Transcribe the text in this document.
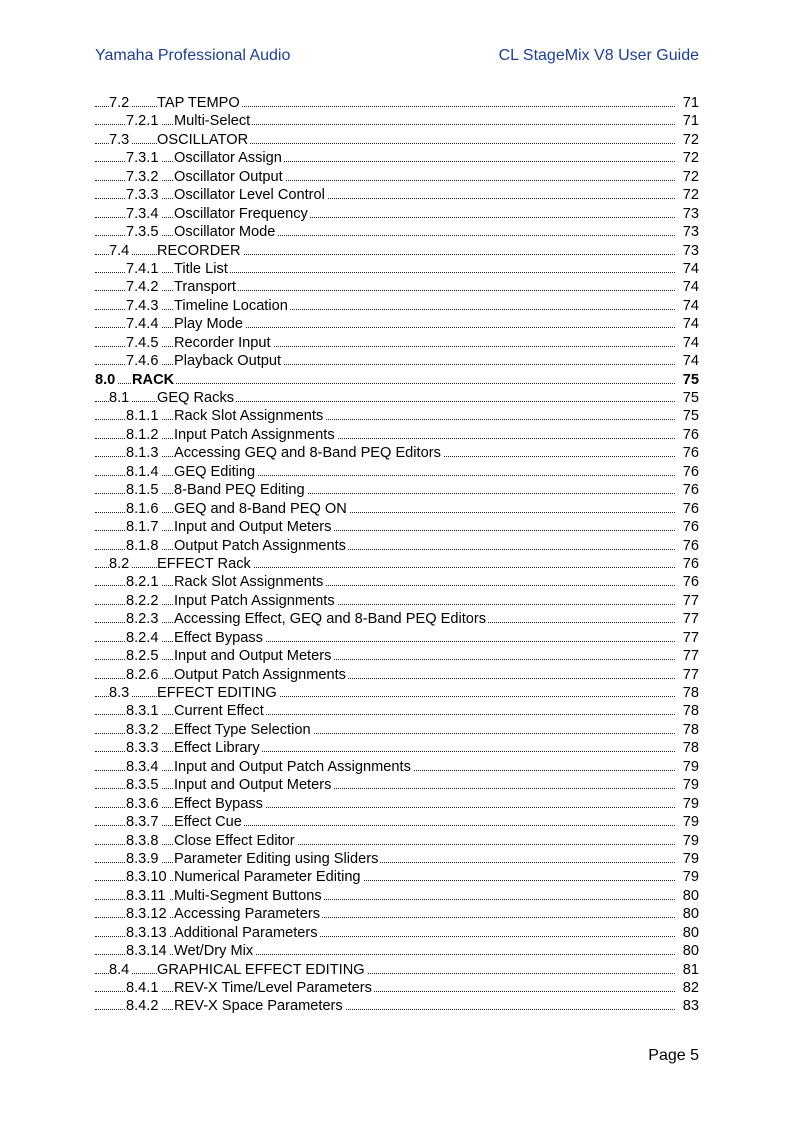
Yamaha Professional Audio	CL StageMix V8 User Guide
7.2 TAP TEMPO	71
7.2.1 Multi-Select	71
7.3 OSCILLATOR	72
7.3.1 Oscillator Assign	72
7.3.2 Oscillator Output	72
7.3.3 Oscillator Level Control	72
7.3.4 Oscillator Frequency	73
7.3.5 Oscillator Mode	73
7.4 RECORDER	73
7.4.1 Title List	74
7.4.2 Transport	74
7.4.3 Timeline Location	74
7.4.4 Play Mode	74
7.4.5 Recorder Input	74
7.4.6 Playback Output	74
8.0 RACK	75
8.1 GEQ Racks	75
8.1.1 Rack Slot Assignments	75
8.1.2 Input Patch Assignments	76
8.1.3 Accessing GEQ and 8-Band PEQ Editors	76
8.1.4 GEQ Editing	76
8.1.5 8-Band PEQ Editing	76
8.1.6 GEQ and 8-Band PEQ ON	76
8.1.7 Input and Output Meters	76
8.1.8 Output Patch Assignments	76
8.2 EFFECT Rack	76
8.2.1 Rack Slot Assignments	76
8.2.2 Input Patch Assignments	77
8.2.3 Accessing Effect, GEQ and 8-Band PEQ Editors	77
8.2.4 Effect Bypass	77
8.2.5 Input and Output Meters	77
8.2.6 Output Patch Assignments	77
8.3 EFFECT EDITING	78
8.3.1 Current Effect	78
8.3.2 Effect Type Selection	78
8.3.3 Effect Library	78
8.3.4 Input and Output Patch Assignments	79
8.3.5 Input and Output Meters	79
8.3.6 Effect Bypass	79
8.3.7 Effect Cue	79
8.3.8 Close Effect Editor	79
8.3.9 Parameter Editing using Sliders	79
8.3.10 Numerical Parameter Editing	79
8.3.11 Multi-Segment Buttons	80
8.3.12 Accessing Parameters	80
8.3.13 Additional Parameters	80
8.3.14 Wet/Dry Mix	80
8.4 GRAPHICAL EFFECT EDITING	81
8.4.1 REV-X Time/Level Parameters	82
8.4.2 REV-X Space Parameters	83
Page 5
